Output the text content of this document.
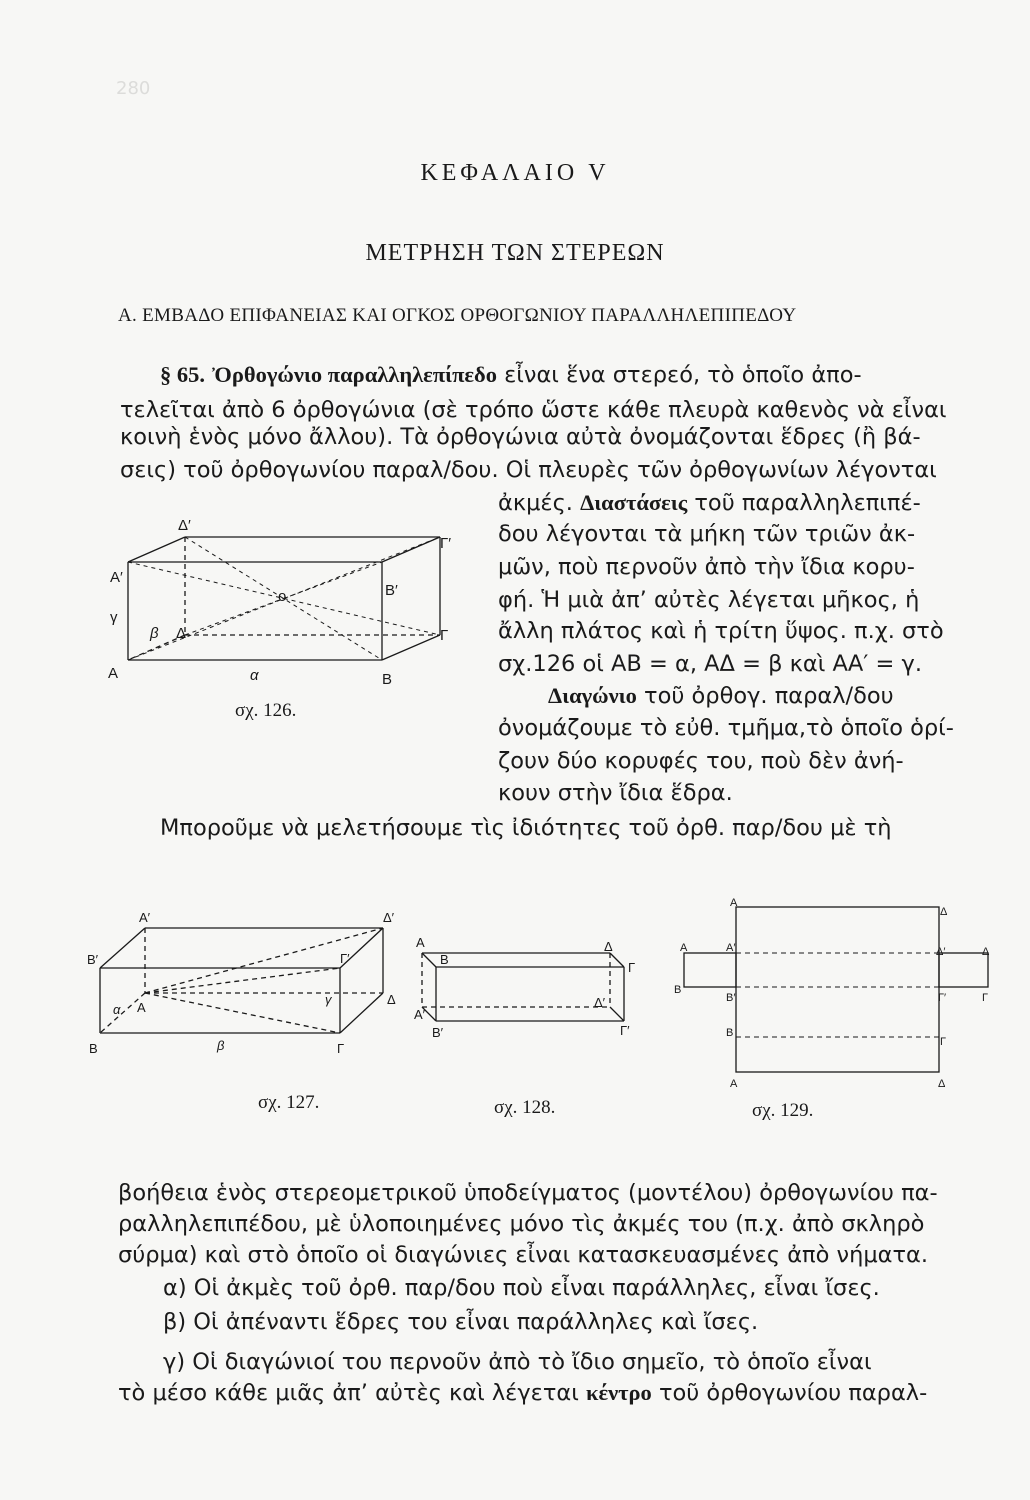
280
ΚΕΦΑΛΑΙΟ V
ΜΕΤΡΗΣΗ ΤΩΝ ΣΤΕΡΕΩΝ
Α. ΕΜΒΑΔΟ ΕΠΙΦΑΝΕΙΑΣ ΚΑΙ ΟΓΚΟΣ ΟΡΘΟΓΩΝΙΟΥ ΠΑΡΑΛΛΗΛΕΠΙΠΕΔΟΥ
§ 65. Ὀρθογώνιο παραλληλεπίπεδο εἶναι ἕνα στερεό, τὸ ὁποῖο ἀπο-
τελεῖται ἀπὸ 6 ὀρθογώνια (σὲ τρόπο ὥστε κάθε πλευρὰ καθενὸς νὰ εἶναι
κοινὴ ἑνὸς μόνο ἄλλου). Τὰ ὀρθογώνια αὐτὰ ὀνομάζονται ἕδρες (ἢ βά-
σεις) τοῦ ὀρθογωνίου παραλ/δου. Οἱ πλευρὲς τῶν ὀρθογωνίων λέγονται
ἀκμές. Διαστάσεις τοῦ παραλληλεπιπέ-
δου λέγονται τὰ μήκη τῶν τριῶν ἀκ-
μῶν, ποὺ περνοῦν ἀπὸ τὴν ἴδια κορυ-
φή. Ἡ μιὰ ἀπ’ αὐτὲς λέγεται μῆκος, ἡ
ἄλλη πλάτος καὶ ἡ τρίτη ὕψος. π.χ. στὸ
σχ.126 οἱ ΑΒ = α, ΑΔ = β καὶ ΑΑ′ = γ.
Διαγώνιο τοῦ ὀρθογ. παραλ/δου
ὀνομάζουμε τὸ εὐθ. τμῆμα,τὸ ὁποῖο ὁρί-
ζουν δύο κορυφές του, ποὺ δὲν ἀνή-
κουν στὴν ἴδια ἕδρα.
Μποροῦμε νὰ μελετήσουμε τὶς ἰδιότητες τοῦ ὀρθ. παρ/δου μὲ τὴ
Δ′
Γ′
Α′
Β′
γ
ο
Δ	Γ
Α	α	Β
β
σχ. 126.
Α′	Δ′
Β′	Γ′
α Α
γ	Δ
Β	β	Γ
σχ. 127.
Α	Δ
Β
Γ
Α′
Δ′
Β′	Γ′
σχ. 128.
Α
Δ
Α	Α′	Δ′	Δ
Β
Β′	Γ′	Γ
Β
Γ
Α	Δ
σχ. 129.
βοήθεια ἑνὸς στερεομετρικοῦ ὑποδείγματος (μοντέλου) ὀρθογωνίου πα-
ραλληλεπιπέδου, μὲ ὑλοποιημένες μόνο τὶς ἀκμές του (π.χ. ἀπὸ σκληρὸ
σύρμα) καὶ στὸ ὁποῖο οἱ διαγώνιες εἶναι κατασκευασμένες ἀπὸ νήματα.
α) Οἱ ἀκμὲς τοῦ ὀρθ. παρ/δου ποὺ εἶναι παράλληλες, εἶναι ἴσες.
β) Οἱ ἀπέναντι ἕδρες του εἶναι παράλληλες καὶ ἴσες.
γ) Οἱ διαγώνιοί του περνοῦν ἀπὸ τὸ ἴδιο σημεῖο, τὸ ὁποῖο εἶναι
τὸ μέσο κάθε μιᾶς ἀπ’ αὐτὲς καὶ λέγεται κέντρο τοῦ ὀρθογωνίου παραλ-
